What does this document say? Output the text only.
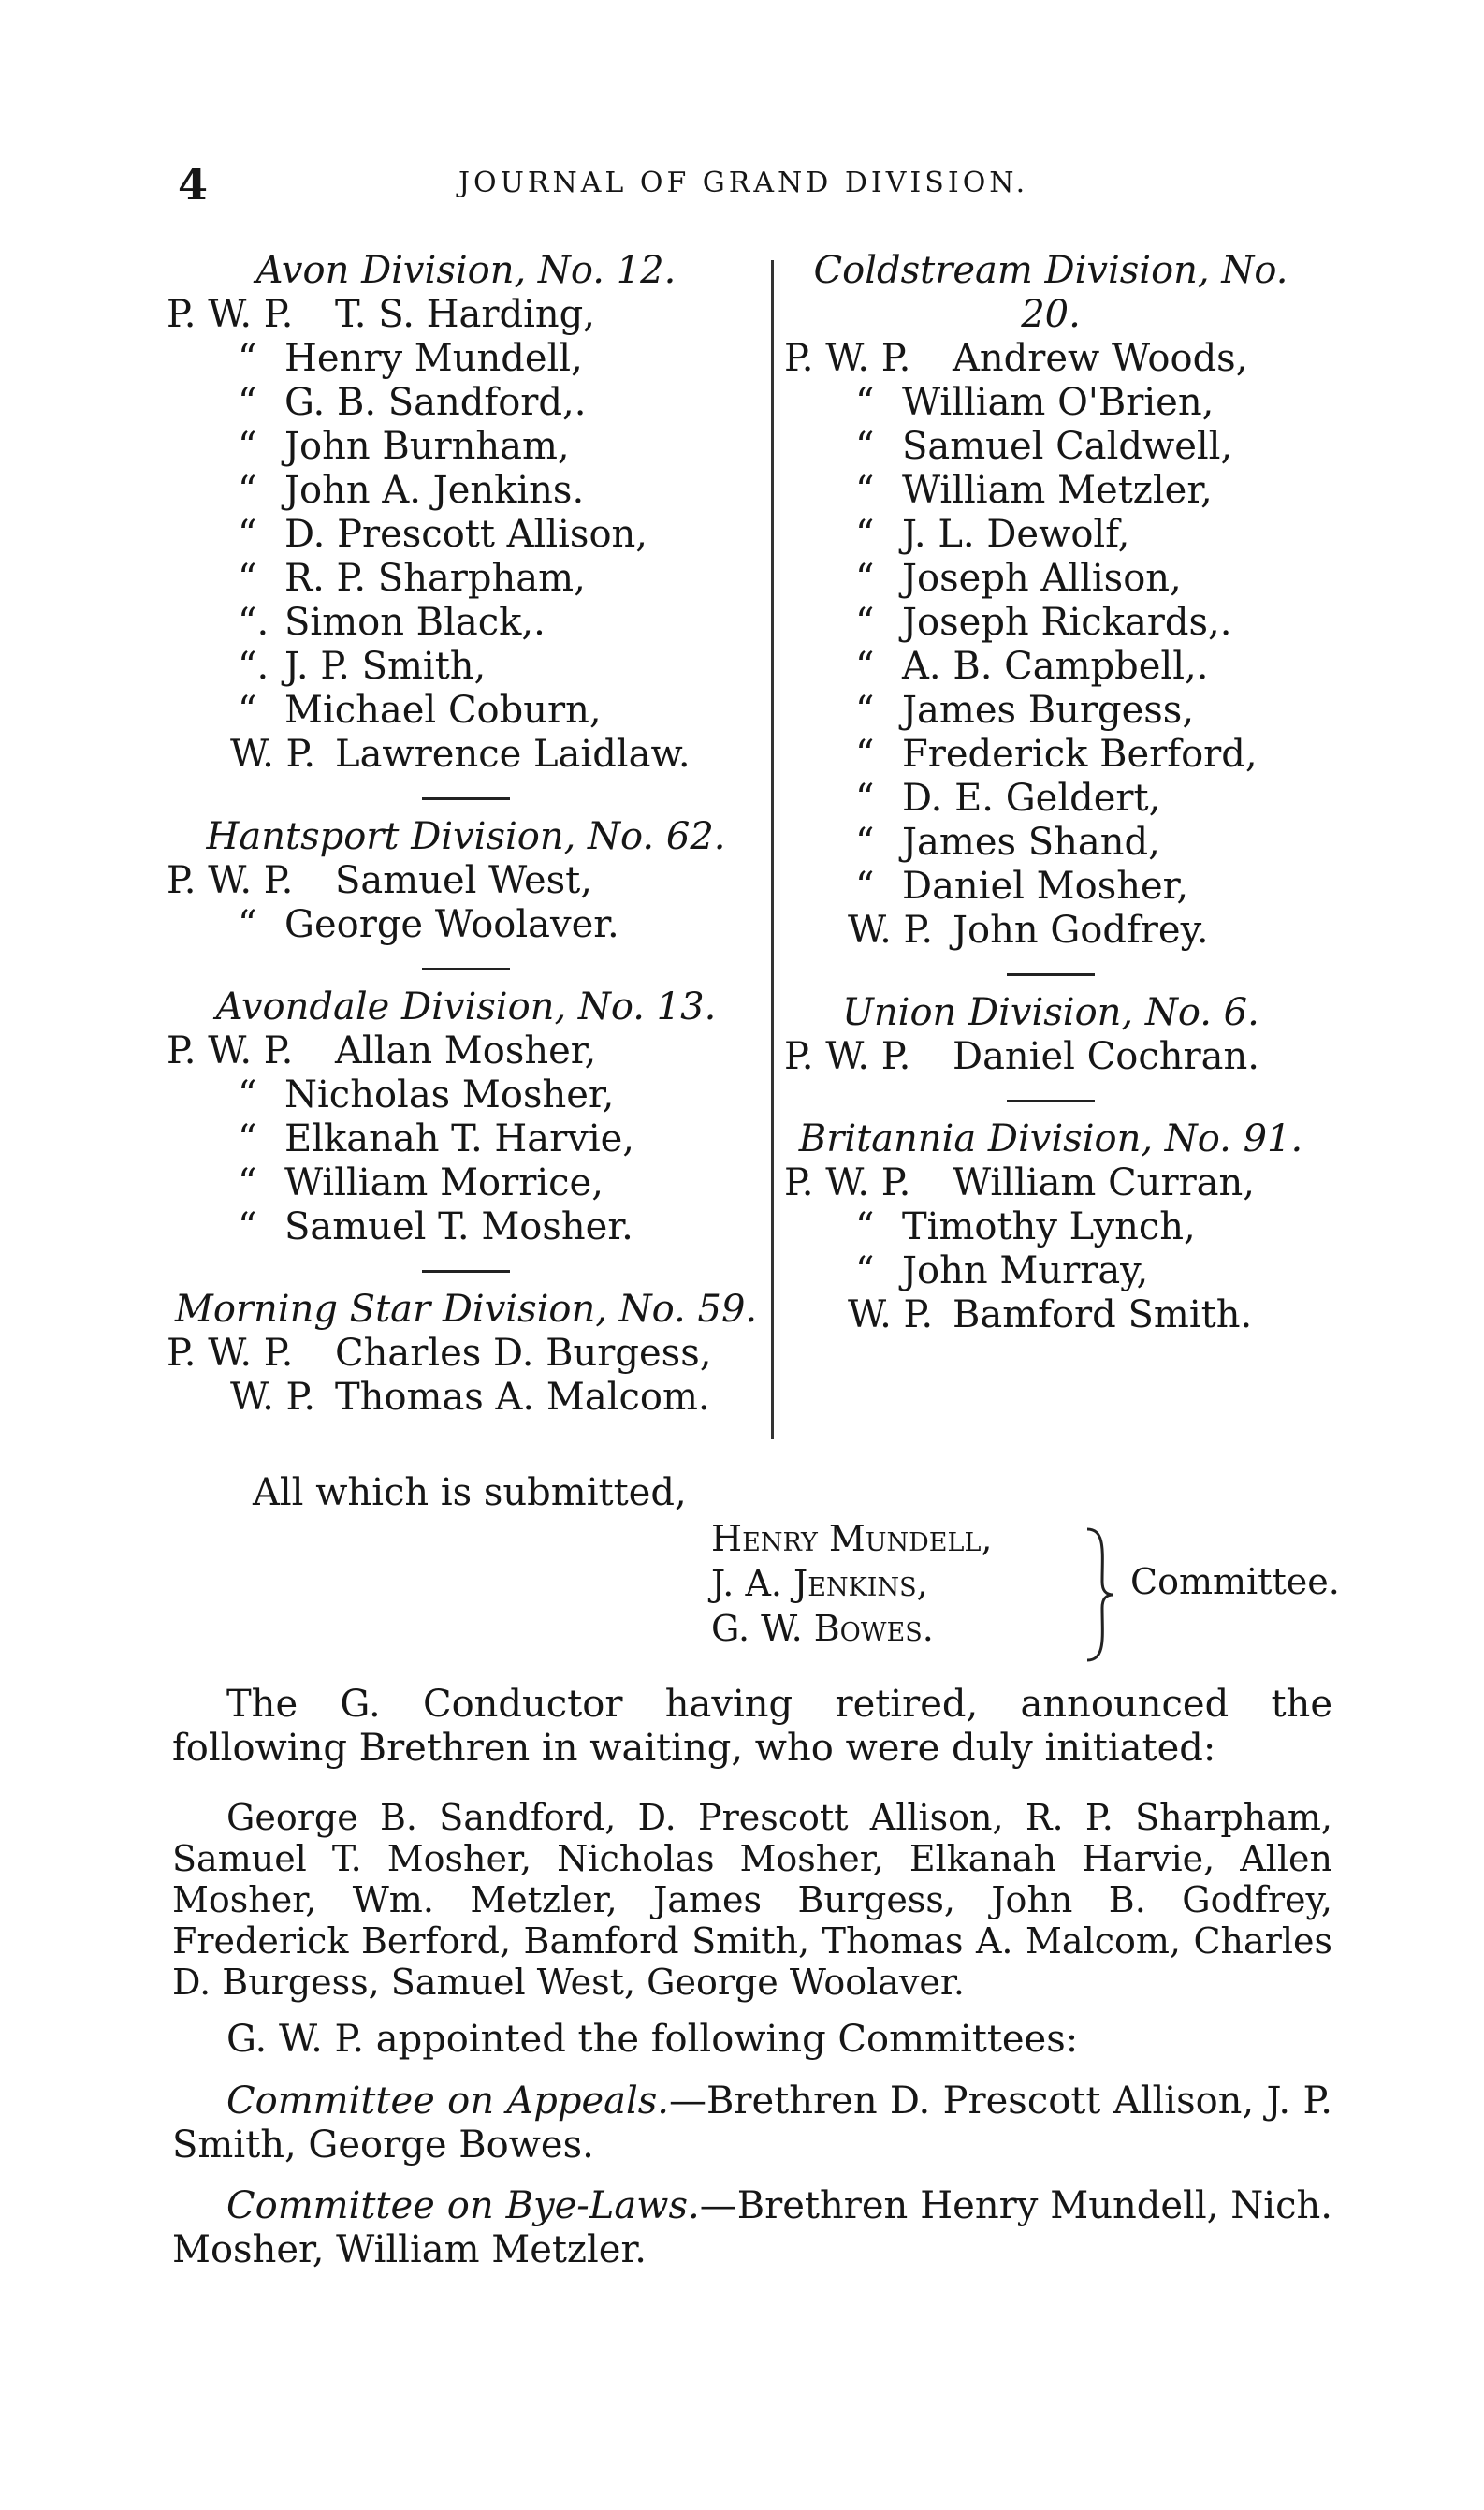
4	JOURNAL OF GRAND DIVISION.
Avon Division, No. 12.
P. W. P. T. S. Harding,
“ Henry Mundell,
“ G. B. Sandford,.
“ John Burnham,
“ John A. Jenkins.
“ D. Prescott Allison,
“ R. P. Sharpham,
“. Simon Black,.
“. J. P. Smith,
“ Michael Coburn,
W. P. Lawrence Laidlaw.
Hantsport Division, No. 62.
P. W. P. Samuel West,
“ George Woolaver.
Avondale Division, No. 13.
P. W. P. Allan Mosher,
“ Nicholas Mosher,
“ Elkanah T. Harvie,
“ William Morrice,
“ Samuel T. Mosher.
Morning Star Division, No. 59.
P. W. P. Charles D. Burgess,
W. P. Thomas A. Malcom.
Coldstream Division, No. 20.
P. W. P. Andrew Woods,
“ William O'Brien,
“ Samuel Caldwell,
“ William Metzler,
“ J. L. Dewolf,
“ Joseph Allison,
“ Joseph Rickards,.
“ A. B. Campbell,.
“ James Burgess,
“ Frederick Berford,
“ D. E. Geldert,
“ James Shand,
“ Daniel Mosher,
W. P. John Godfrey.
Union Division, No. 6.
P. W. P. Daniel Cochran.
Britannia Division, No. 91.
P. W. P. William Curran,
“ Timothy Lynch,
“ John Murray,
W. P. Bamford Smith.
All which is submitted,
Henry Mundell,
J. A. Jenkins,
G. W. Bowes.
Committee.
The G. Conductor having retired, announced the following Brethren in waiting, who were duly initiated:
George B. Sandford, D. Prescott Allison, R. P. Sharpham, Samuel T. Mosher, Nicholas Mosher, Elkanah Harvie, Allen Mosher, Wm. Metzler, James Burgess, John B. Godfrey, Frederick Berford, Bamford Smith, Thomas A. Malcom, Charles D. Burgess, Samuel West, George Woolaver.
G. W. P. appointed the following Committees:
Committee on Appeals.—Brethren D. Prescott Allison, J. P. Smith, George Bowes.
Committee on Bye-Laws.—Brethren Henry Mundell, Nich. Mosher, William Metzler.
